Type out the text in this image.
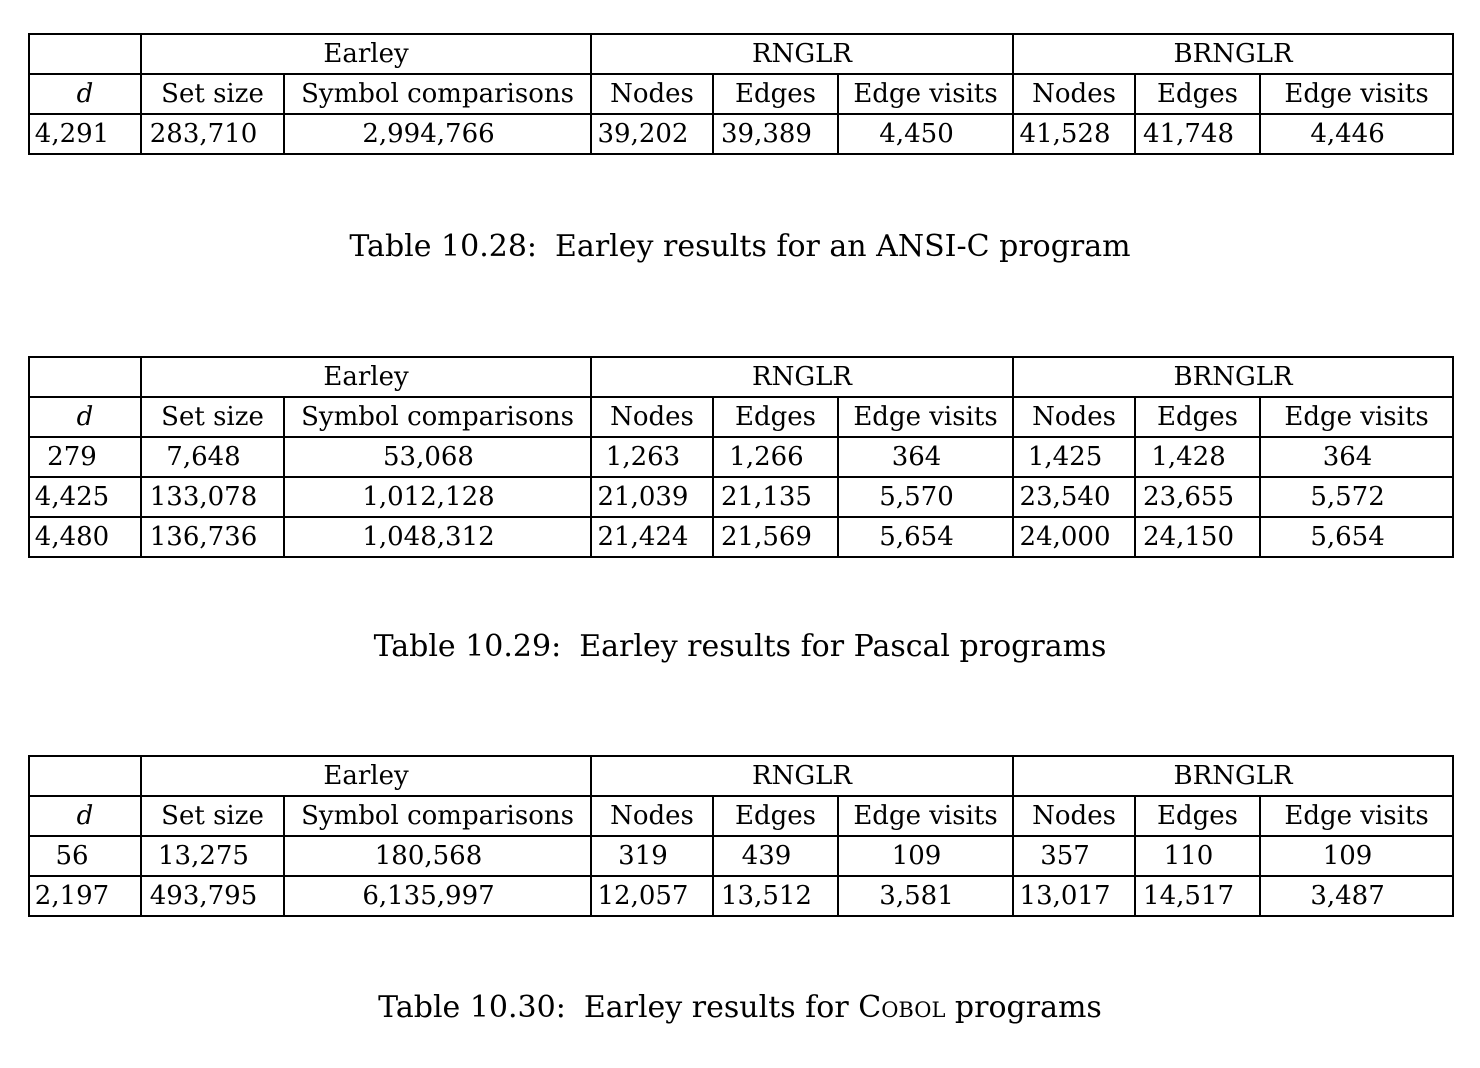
	Earley		RNGLR			BRNGLR		
d	Set size	Symbol comparisons	Nodes	Edges	Edge visits	Nodes	Edges	Edge visits
4,291	283,710	2,994,766	39,202	39,389	4,450	41,528	41,748	4,446
Table 10.28: Earley results for an ANSI-C program
	Earley		RNGLR			BRNGLR		
d	Set size	Symbol comparisons	Nodes	Edges	Edge visits	Nodes	Edges	Edge visits
279	7,648	53,068	1,263	1,266	364	1,425	1,428	364
4,425	133,078	1,012,128	21,039	21,135	5,570	23,540	23,655	5,572
4,480	136,736	1,048,312	21,424	21,569	5,654	24,000	24,150	5,654
Table 10.29: Earley results for Pascal programs
	Earley		RNGLR			BRNGLR		
d	Set size	Symbol comparisons	Nodes	Edges	Edge visits	Nodes	Edges	Edge visits
56	13,275	180,568	319	439	109	357	110	109
2,197	493,795	6,135,997	12,057	13,512	3,581	13,017	14,517	3,487
Table 10.30: Earley results for Cobol programs
